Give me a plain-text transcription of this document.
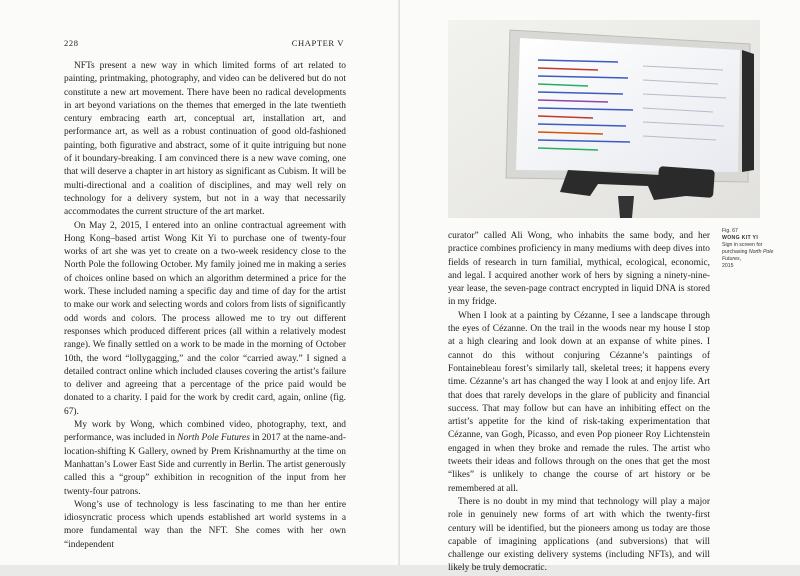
228	CHAPTER V

NFTs present a new way in which limited forms of art related to painting, printmaking, photography, and video can be delivered but do not constitute a new art movement. There have been no radical developments in art beyond variations on the themes that emerged in the late twentieth century embracing earth art, conceptual art, installation art, and performance art, as well as a robust continuation of good old-fashioned painting, both figurative and abstract, some of it quite intriguing but none of it boundary-breaking. I am convinced there is a new wave coming, one that will deserve a chapter in art history as significant as Cubism. It will be multi-directional and a coalition of disciplines, and may well rely on technology for a delivery system, but not in a way that necessarily accommodates the current structure of the art market.

On May 2, 2015, I entered into an online contractual agreement with Hong Kong–based artist Wong Kit Yi to purchase one of twenty-four works of art she was yet to create on a two-week residency close to the North Pole the following October. My family joined me in making a series of choices online based on which an algorithm determined a price for the work. These included naming a specific day and time of day for the artist to make our work and selecting words and colors from lists of significantly odd words and colors. The process allowed me to try out different responses which produced different prices (all within a relatively modest range). We finally settled on a work to be made in the morning of October 10th, the word “lollygagging,” and the color “carried away.” I signed a detailed contract online which included clauses covering the artist’s failure to deliver and agreeing that a percentage of the price paid would be donated to a charity. I paid for the work by credit card, again, online (fig. 67).

My work by Wong, which combined video, photography, text, and performance, was included in North Pole Futures in 2017 at the name-and-location-shifting K Gallery, owned by Prem Krishnamurthy at the time on Manhattan’s Lower East Side and currently in Berlin. The artist generously called this a “group” exhibition in recognition of the input from her twenty-four patrons.

Wong’s use of technology is less fascinating to me than her entire idiosyncratic process which upends established art world systems in a more fundamental way than the NFT. She comes with her own “independent

Fig. 67
WONG KIT YI
Sign in screen for purchasing North Pole Futures,
2015

curator” called Ali Wong, who inhabits the same body, and her practice combines proficiency in many mediums with deep dives into fields of research in turn familial, mythical, ecological, economic, and legal. I acquired another work of hers by signing a ninety-nine-year lease, the seven-page contract encrypted in liquid DNA is stored in my fridge.

When I look at a painting by Cézanne, I see a landscape through the eyes of Cézanne. On the trail in the woods near my house I stop at a high clearing and look down at an expanse of white pines. I cannot do this without conjuring Cézanne’s paintings of Fontainebleau forest’s similarly tall, skeletal trees; it happens every time. Cézanne’s art has changed the way I look at and enjoy life. Art that does that rarely develops in the glare of publicity and financial success. That may follow but can have an inhibiting effect on the artist’s appetite for the kind of risk-taking experimentation that Cézanne, van Gogh, Picasso, and even Pop pioneer Roy Lichtenstein engaged in when they broke and remade the rules. The artist who tweets their ideas and follows through on the ones that get the most “likes” is unlikely to change the course of art history or be remembered at all.

There is no doubt in my mind that technology will play a major role in genuinely new forms of art with which the twenty-first century will be identified, but the pioneers among us today are those capable of imagining applications (and subversions) that will challenge our existing delivery systems (including NFTs), and will likely be truly democratic.
